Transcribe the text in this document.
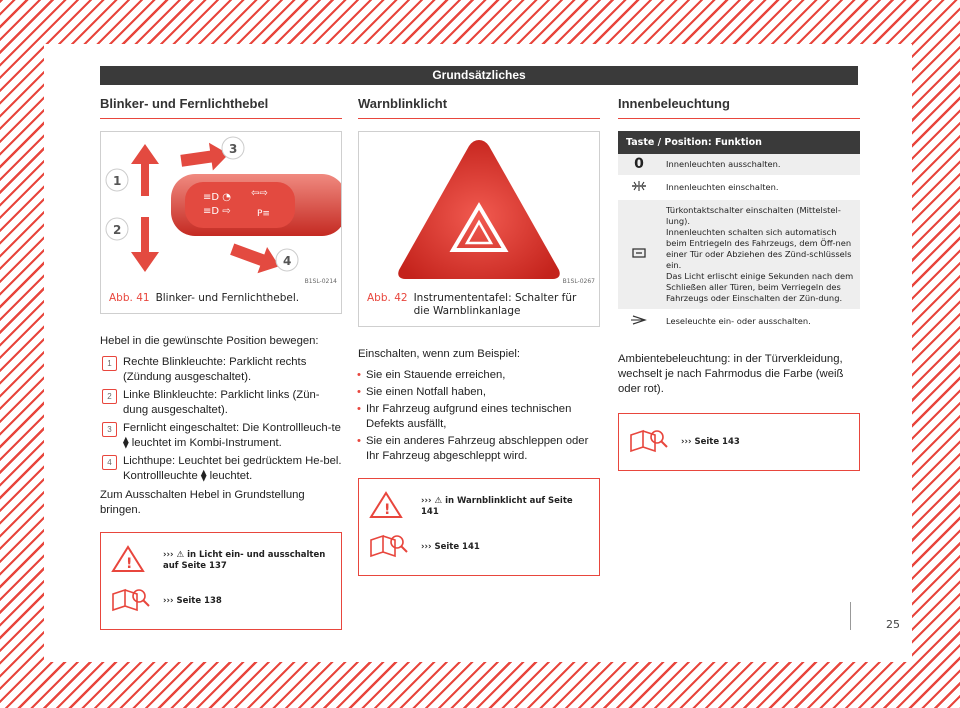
Grundsätzliches
Blinker- und Fernlichthebel
≡D ◔
≡D ⇨
⇦⇨
P≡
1
2
3
4
B1SL-0214
Abb. 41 Blinker- und Fernlichthebel.
Hebel in die gewünschte Position bewegen:
1 Rechte Blinkleuchte: Parklicht rechts (Zündung ausgeschaltet).
2 Linke Blinkleuchte: Parklicht links (Zün-dung ausgeschaltet).
3 Fernlicht eingeschaltet: Die Kontrollleuch-te ⧫ leuchtet im Kombi-Instrument.
4 Lichthupe: Leuchtet bei gedrücktem He-bel. Kontrollleuchte ⧫ leuchtet.
Zum Ausschalten Hebel in Grundstellung bringen.
!
››› ⚠ in Licht ein- und ausschalten auf Seite 137
››› Seite 138
Warnblinklicht
B1SL-0267
Abb. 42 Instrumententafel: Schalter für die Warnblinkanlage
Einschalten, wenn zum Beispiel:
• Sie ein Stauende erreichen,
• Sie einen Notfall haben,
• Ihr Fahrzeug aufgrund eines technischen Defekts ausfällt,
• Sie ein anderes Fahrzeug abschleppen oder Ihr Fahrzeug abgeschleppt wird.
!
››› ⚠ in Warnblinklicht auf Seite 141
››› Seite 141
Innenbeleuchtung
Taste / Position: Funktion	
0	Innenleuchten ausschalten.
	Innenleuchten einschalten.
	Türkontaktschalter einschalten (Mittelstel-lung).
Innenleuchten schalten sich automatisch beim Entriegeln des Fahrzeugs, dem Öff-nen einer Tür oder Abziehen des Zünd-schlüssels ein.
Das Licht erlischt einige Sekunden nach dem Schließen aller Türen, beim Verriegeln des Fahrzeugs oder Einschalten der Zün-dung.
	Leseleuchte ein- oder ausschalten.
Ambientebeleuchtung: in der Türverkleidung, wechselt je nach Fahrmodus die Farbe (weiß oder rot).
››› Seite 143
25
